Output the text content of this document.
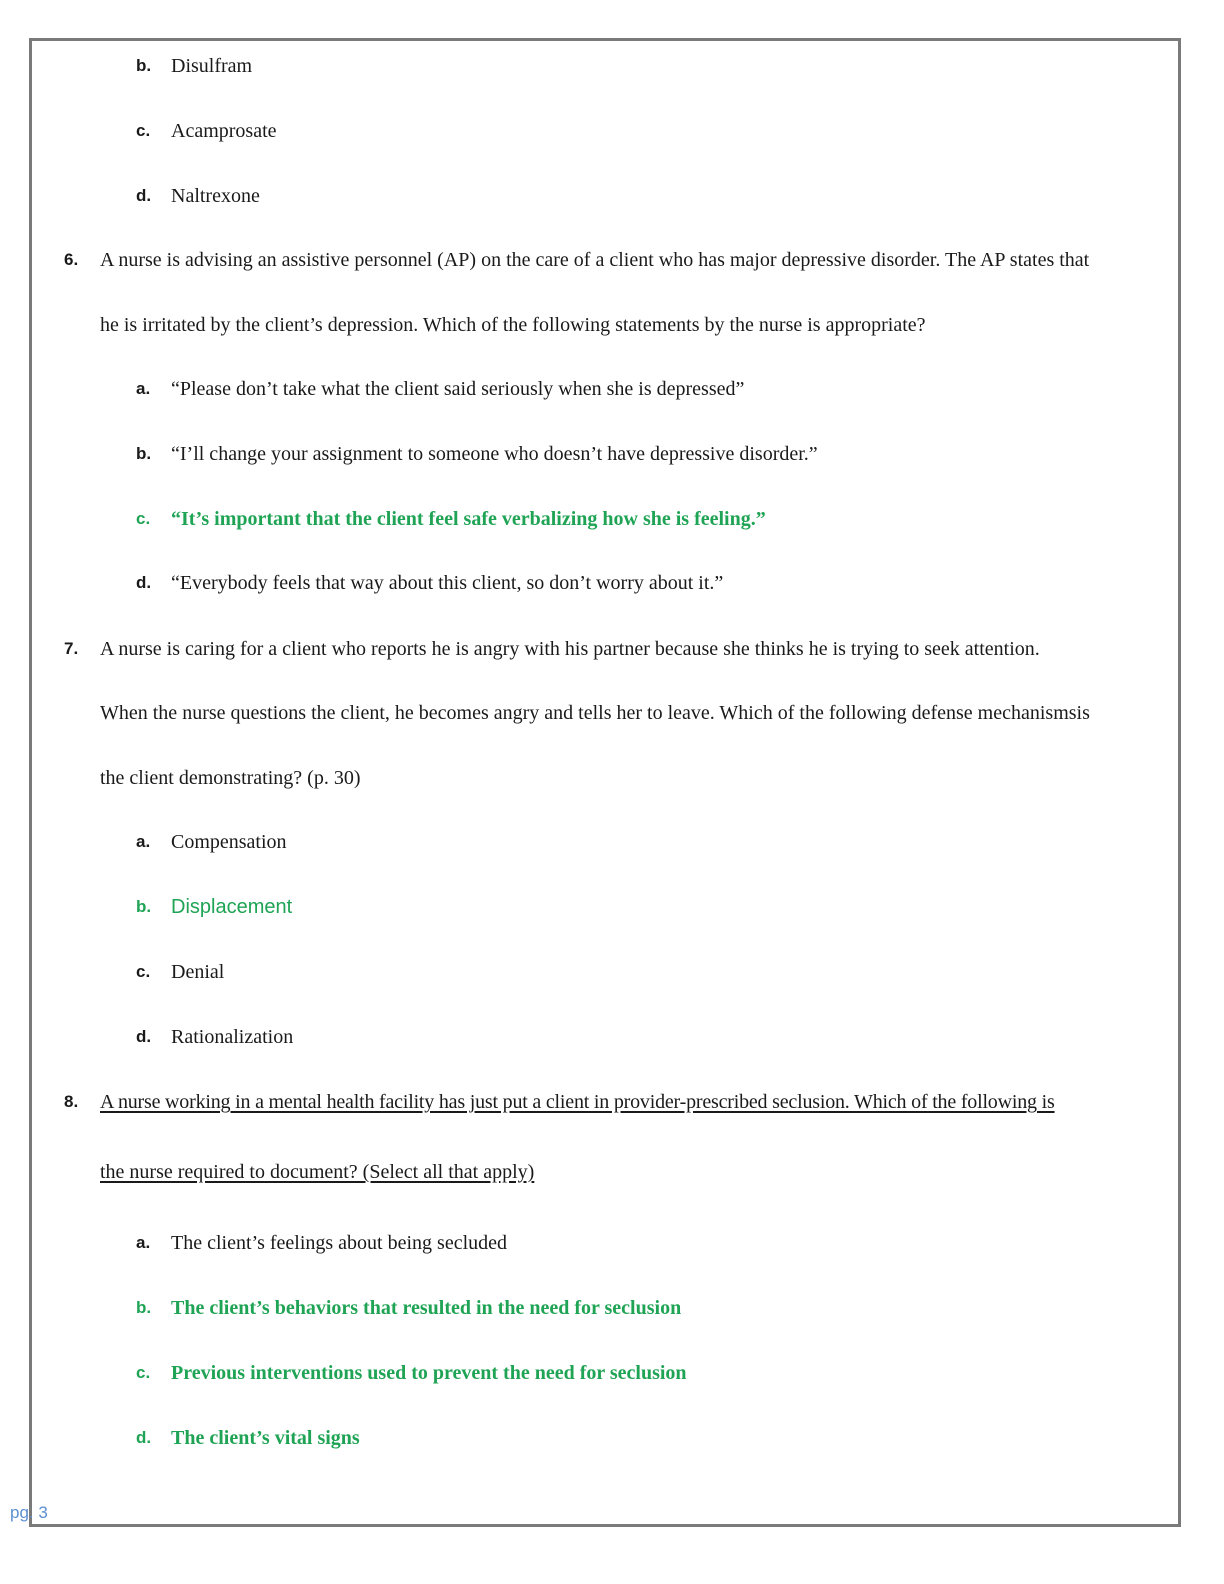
b. Disulfram
c. Acamprosate
d. Naltrexone
6. A nurse is advising an assistive personnel (AP) on the care of a client who has major depressive disorder. The AP states that
he is irritated by the client’s depression. Which of the following statements by the nurse is appropriate?
a. “Please don’t take what the client said seriously when she is depressed”
b. “I’ll change your assignment to someone who doesn’t have depressive disorder.”
c. “It’s important that the client feel safe verbalizing how she is feeling.”
d. “Everybody feels that way about this client, so don’t worry about it.”
7. A nurse is caring for a client who reports he is angry with his partner because she thinks he is trying to seek attention.
When the nurse questions the client, he becomes angry and tells her to leave. Which of the following defense mechanismsis
the client demonstrating? (p. 30)
a. Compensation
b. Displacement
c. Denial
d. Rationalization
8. A nurse working in a mental health facility has just put a client in provider-prescribed seclusion. Which of the following is
the nurse required to document? (Select all that apply)
a. The client’s feelings about being secluded
b. The client’s behaviors that resulted in the need for seclusion
c. Previous interventions used to prevent the need for seclusion
d. The client’s vital signs
pg. 3
